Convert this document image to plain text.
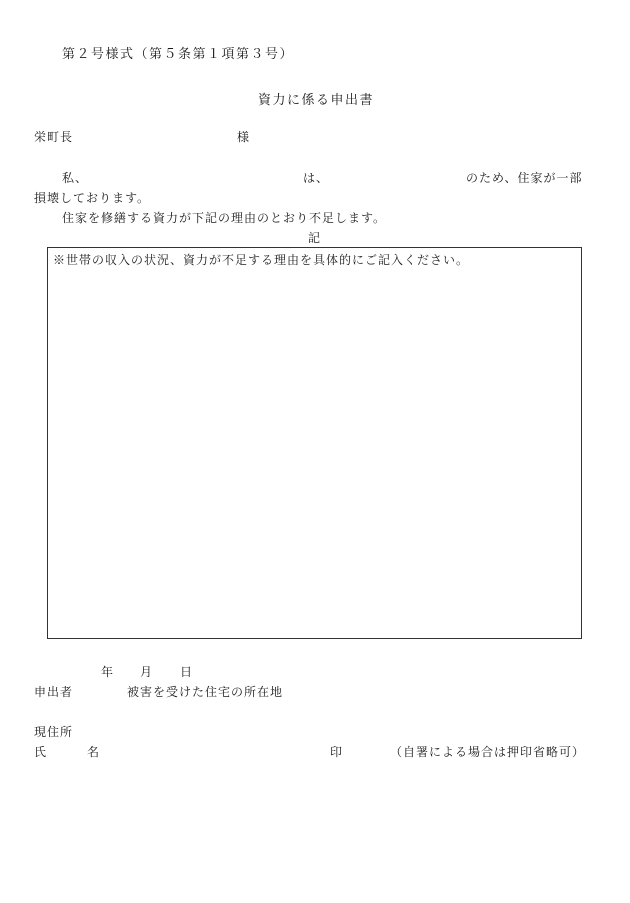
第２号様式（第５条第１項第３号）
資力に係る申出書
栄町長	様
私、	は、	のため、住家が一部
損壊しております。
住家を修繕する資力が下記の理由のとおり不足します。
記
※世帯の収入の状況、資力が不足する理由を具体的にご記入ください。
年 月 日
申出者	被害を受けた住宅の所在地
現住所
氏	名	印	（自署による場合は押印省略可）
